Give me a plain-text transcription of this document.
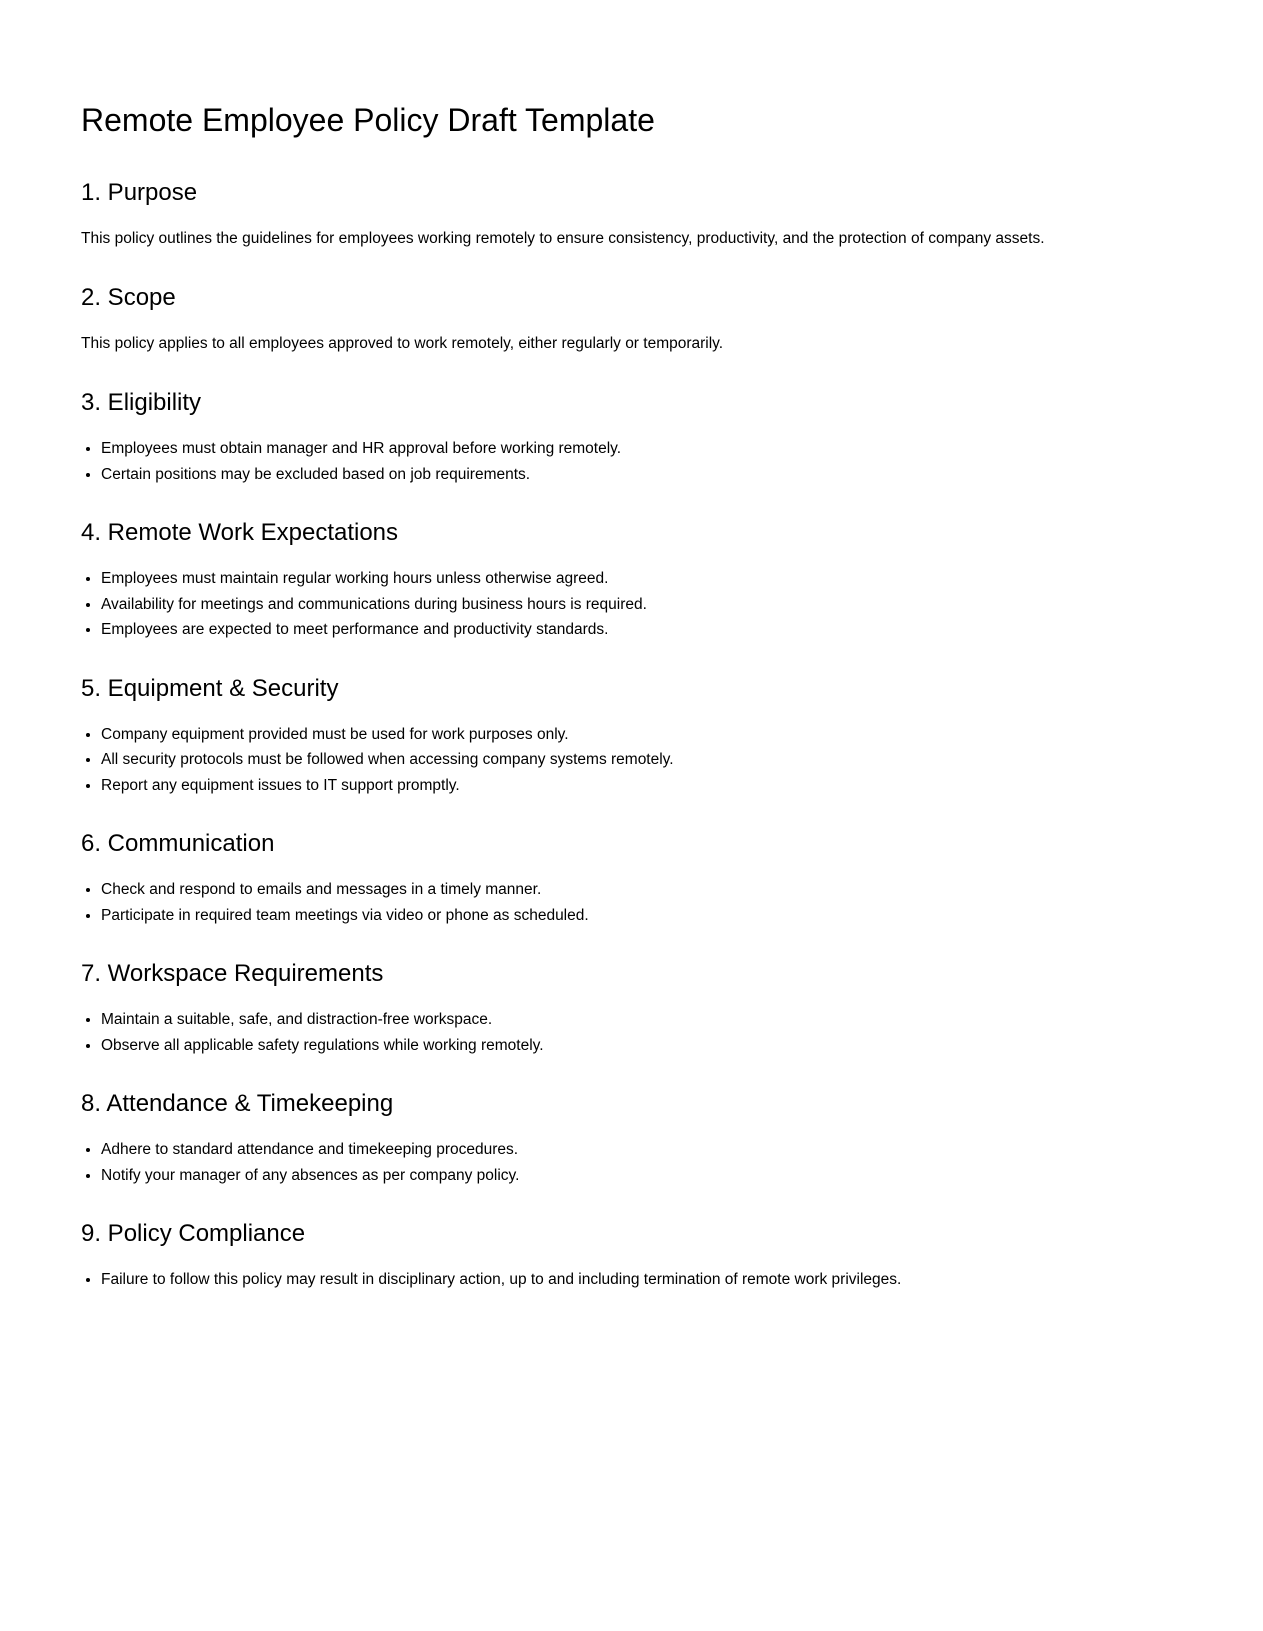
Remote Employee Policy Draft Template
1. Purpose

This policy outlines the guidelines for employees working remotely to ensure consistency, productivity, and the protection of company assets.

2. Scope

This policy applies to all employees approved to work remotely, either regularly or temporarily.

3. Eligibility
• Employees must obtain manager and HR approval before working remotely.
• Certain positions may be excluded based on job requirements.
4. Remote Work Expectations
• Employees must maintain regular working hours unless otherwise agreed.
• Availability for meetings and communications during business hours is required.
• Employees are expected to meet performance and productivity standards.
5. Equipment & Security
• Company equipment provided must be used for work purposes only.
• All security protocols must be followed when accessing company systems remotely.
• Report any equipment issues to IT support promptly.
6. Communication
• Check and respond to emails and messages in a timely manner.
• Participate in required team meetings via video or phone as scheduled.
7. Workspace Requirements
• Maintain a suitable, safe, and distraction-free workspace.
• Observe all applicable safety regulations while working remotely.
8. Attendance & Timekeeping
• Adhere to standard attendance and timekeeping procedures.
• Notify your manager of any absences as per company policy.
9. Policy Compliance
• Failure to follow this policy may result in disciplinary action, up to and including termination of remote work privileges.
